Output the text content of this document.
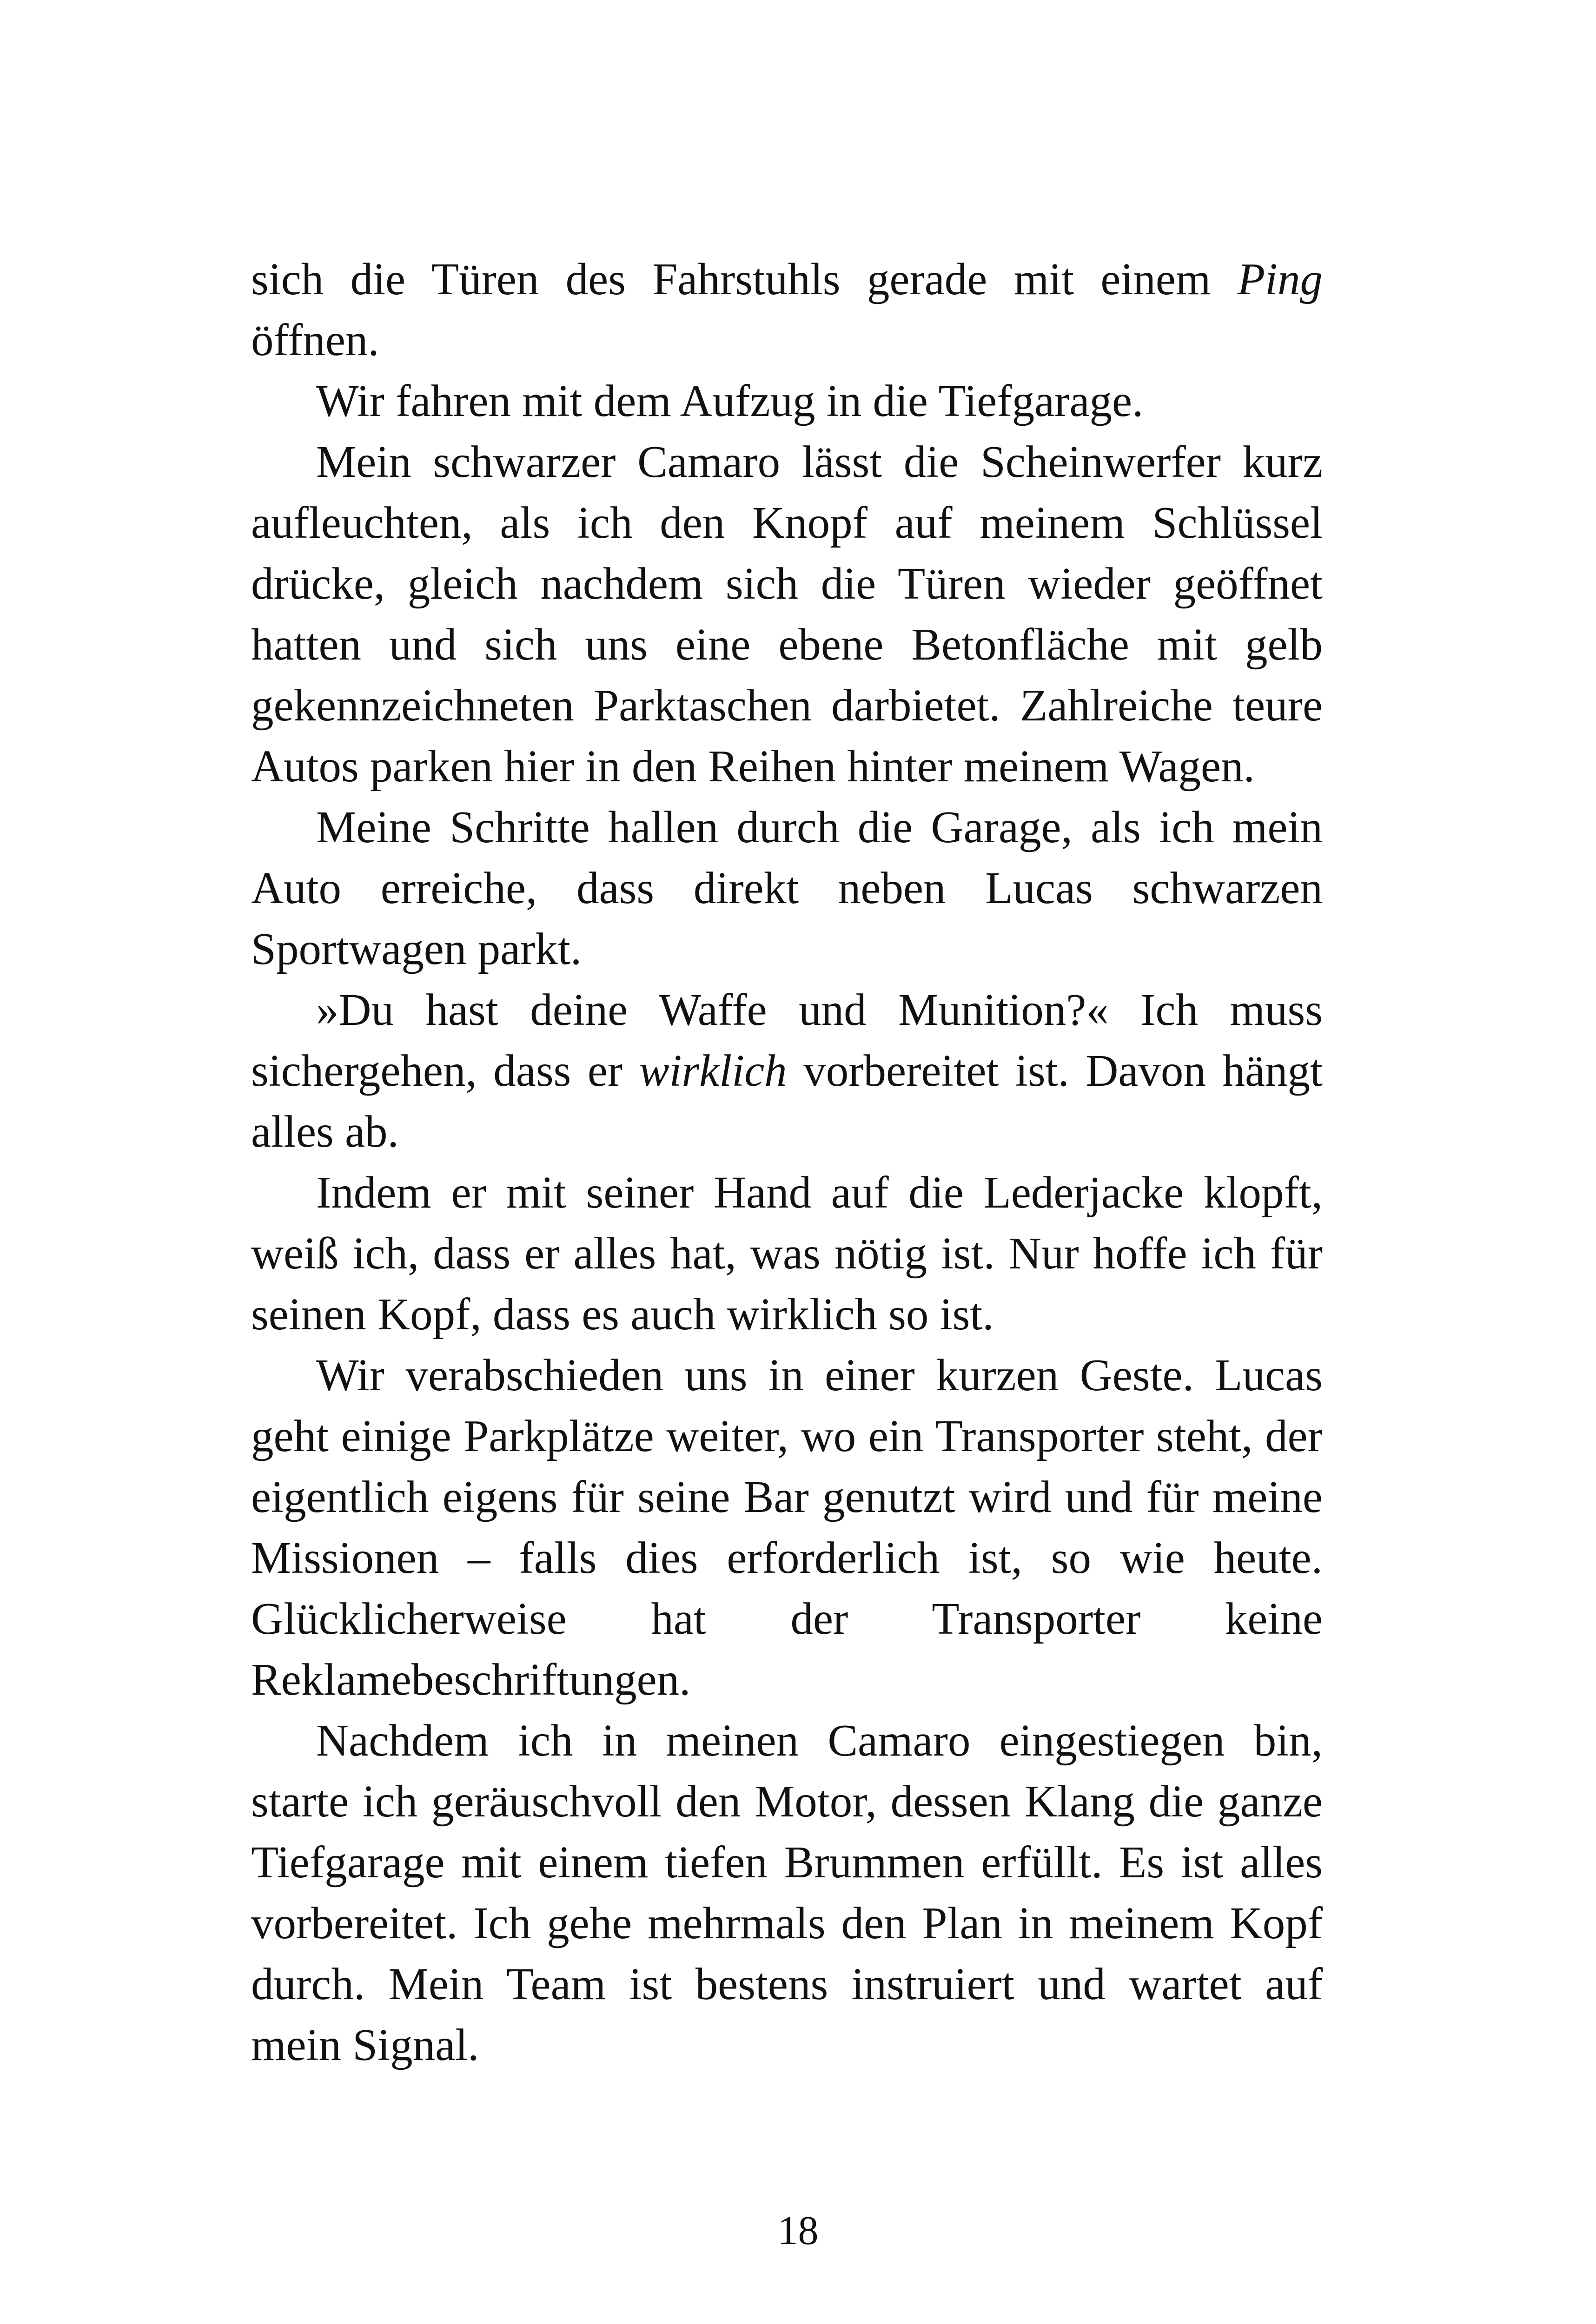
sich die Türen des Fahrstuhls gerade mit einem Ping öffnen.

Wir fahren mit dem Aufzug in die Tiefgarage.

Mein schwarzer Camaro lässt die Scheinwerfer kurz aufleuchten, als ich den Knopf auf meinem Schlüssel drücke, gleich nachdem sich die Türen wieder geöffnet hatten und sich uns eine ebene Betonfläche mit gelb gekennzeichneten Parktaschen darbietet. Zahlreiche teure Autos parken hier in den Reihen hinter meinem Wagen.

Meine Schritte hallen durch die Garage, als ich mein Auto erreiche, dass direkt neben Lucas schwarzen Sportwagen parkt.

»Du hast deine Waffe und Munition?« Ich muss sichergehen, dass er wirklich vorbereitet ist. Davon hängt alles ab.

Indem er mit seiner Hand auf die Lederjacke klopft, weiß ich, dass er alles hat, was nötig ist. Nur hoffe ich für seinen Kopf, dass es auch wirklich so ist.

Wir verabschieden uns in einer kurzen Geste. Lucas geht einige Parkplätze weiter, wo ein Transporter steht, der eigentlich eigens für seine Bar genutzt wird und für meine Missionen – falls dies erforderlich ist, so wie heute. Glücklicherweise hat der Transporter keine Reklamebeschriftungen.

Nachdem ich in meinen Camaro eingestiegen bin, starte ich geräuschvoll den Motor, dessen Klang die ganze Tiefgarage mit einem tiefen Brummen erfüllt. Es ist alles vorbereitet. Ich gehe mehrmals den Plan in meinem Kopf durch. Mein Team ist bestens instruiert und wartet auf mein Signal.

18
